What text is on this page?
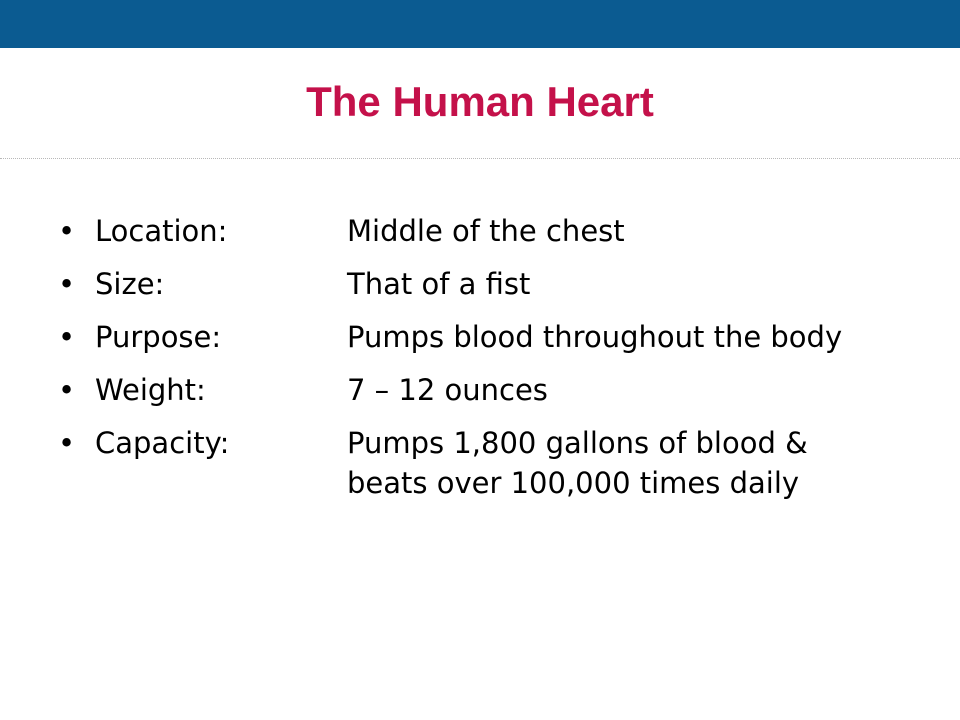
The Human Heart
• Location:	Middle of the chest
• Size:	That of a fist
• Purpose:	Pumps blood throughout the body
• Weight:	7 – 12 ounces
• Capacity:	Pumps 1,800 gallons of blood &
beats over 100,000 times daily
